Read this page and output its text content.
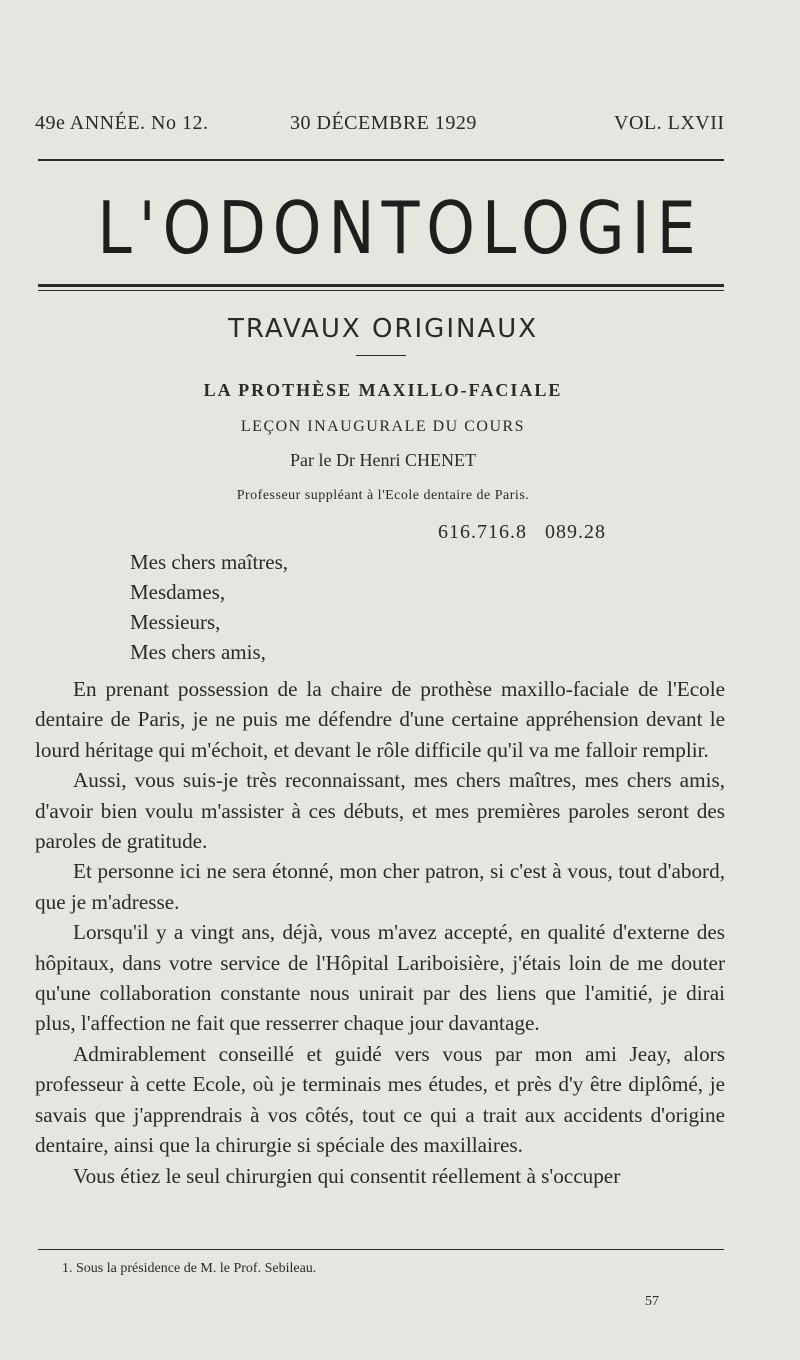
49e ANNÉE. No 12.	30 DÉCEMBRE 1929	VOL. LXVII
L'ODONTOLOGIE
TRAVAUX ORIGINAUX
LA PROTHÈSE MAXILLO-FACIALE
LEÇON INAUGURALE DU COURS
Par le Dr Henri CHENET
Professeur suppléant à l'Ecole dentaire de Paris.
616.716.8   089.28
Mes chers maîtres,
Mesdames,
Messieurs,
Mes chers amis,

En prenant possession de la chaire de prothèse maxillo-faciale de l'Ecole dentaire de Paris, je ne puis me défendre d'une certaine appréhension devant le lourd héritage qui m'échoit, et devant le rôle difficile qu'il va me falloir remplir.

Aussi, vous suis-je très reconnaissant, mes chers maîtres, mes chers amis, d'avoir bien voulu m'assister à ces débuts, et mes premières paroles seront des paroles de gratitude.

Et personne ici ne sera étonné, mon cher patron, si c'est à vous, tout d'abord, que je m'adresse.

Lorsqu'il y a vingt ans, déjà, vous m'avez accepté, en qualité d'externe des hôpitaux, dans votre service de l'Hôpital Lariboisière, j'étais loin de me douter qu'une collaboration constante nous unirait par des liens que l'amitié, je dirai plus, l'affection ne fait que resserrer chaque jour davantage.

Admirablement conseillé et guidé vers vous par mon ami Jeay, alors professeur à cette Ecole, où je terminais mes études, et près d'y être diplômé, je savais que j'apprendrais à vos côtés, tout ce qui a trait aux accidents d'origine dentaire, ainsi que la chirurgie si spéciale des maxillaires.

Vous étiez le seul chirurgien qui consentit réellement à s'occuper

1. Sous la présidence de M. le Prof. Sebileau.
57
